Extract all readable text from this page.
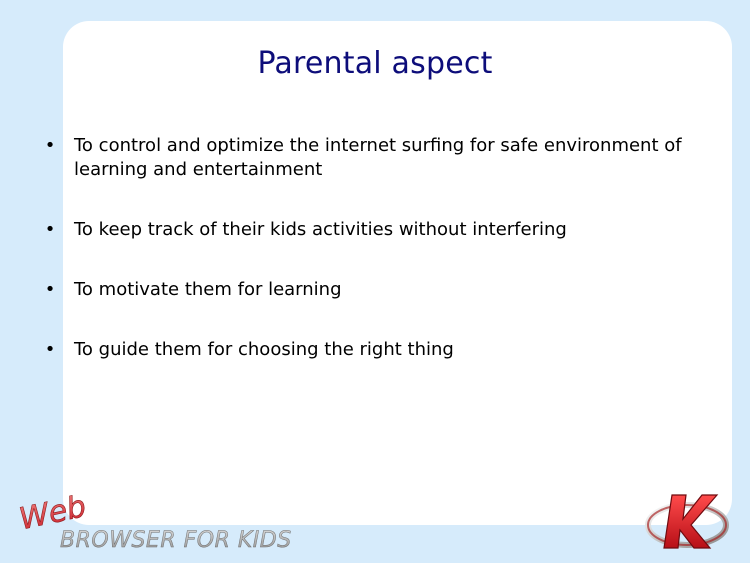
Parental aspect
• To control and optimize the internet surfing for safe environment of learning and entertainment
• To keep track of their kids activities without interfering
• To motivate them for learning
• To guide them for choosing the right thing
Web
BROWSER FOR KIDS
